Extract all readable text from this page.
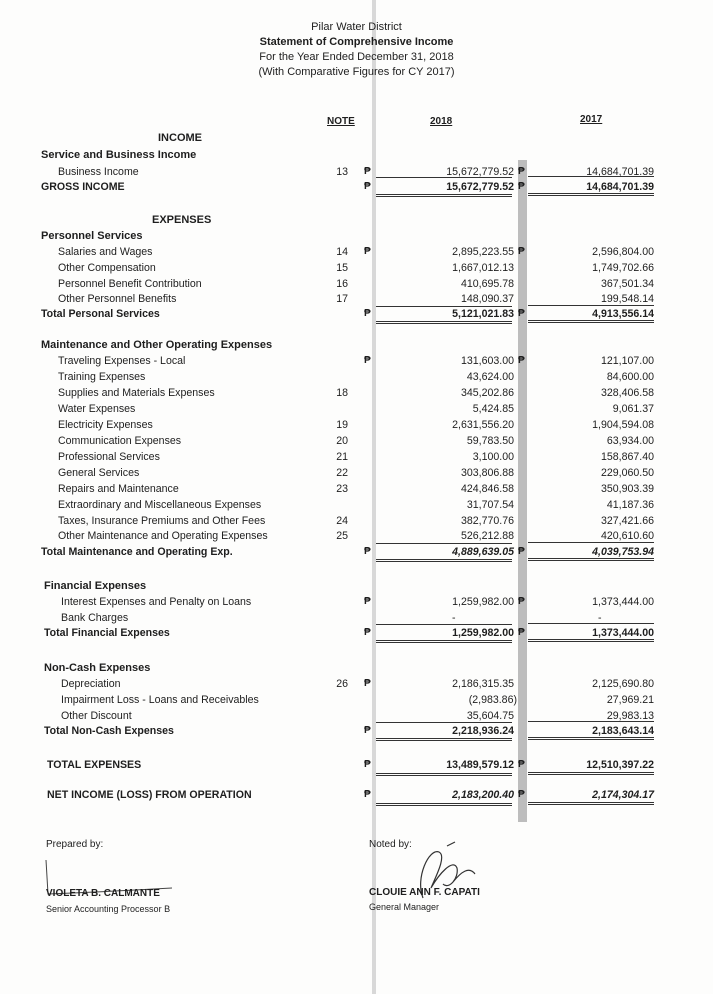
Pilar Water District
Statement of Comprehensive Income
For the Year Ended December 31, 2018
(With Comparative Figures for CY 2017)
NOTE	2018	2017
INCOME
Service and Business Income
Business Income	13 ₱	15,672,779.52 ₱	14,684,701.39
GROSS INCOME	₱	15,672,779.52 ₱	14,684,701.39
EXPENSES
Personnel Services
Salaries and Wages	14 ₱	2,895,223.55 ₱	2,596,804.00
Other Compensation	15	1,667,012.13	1,749,702.66
Personnel Benefit Contribution	16	410,695.78	367,501.34
Other Personnel Benefits	17	148,090.37	199,548.14
Total Personal Services	₱	5,121,021.83 ₱	4,913,556.14
Maintenance and Other Operating Expenses
Traveling Expenses - Local	₱	131,603.00 ₱	121,107.00
Training Expenses	43,624.00	84,600.00
Supplies and Materials Expenses	18	345,202.86	328,406.58
Water Expenses	5,424.85	9,061.37
Electricity Expenses	19	2,631,556.20	1,904,594.08
Communication Expenses	20	59,783.50	63,934.00
Professional Services	21	3,100.00	158,867.40
General Services	22	303,806.88	229,060.50
Repairs and Maintenance	23	424,846.58	350,903.39
Extraordinary and Miscellaneous Expenses	31,707.54	41,187.36
Taxes, Insurance Premiums and Other Fees	24	382,770.76	327,421.66
Other Maintenance and Operating Expenses	25	526,212.88	420,610.60
Total Maintenance and Operating Exp.	₱	4,889,639.05 ₱	4,039,753.94
Financial Expenses
Interest Expenses and Penalty on Loans	₱	1,259,982.00 ₱	1,373,444.00
Bank Charges	-	-
Total Financial Expenses	₱	1,259,982.00 ₱	1,373,444.00
Non-Cash Expenses
Depreciation	26 ₱	2,186,315.35	2,125,690.80
Impairment Loss - Loans and Receivables	(2,983.86)	27,969.21
Other Discount	35,604.75	29,983.13
Total Non-Cash Expenses	₱	2,218,936.24	2,183,643.14
TOTAL EXPENSES	₱	13,489,579.12 ₱	12,510,397.22
NET INCOME (LOSS) FROM OPERATION	₱	2,183,200.40 ₱	2,174,304.17
Prepared by:
VIOLETA B. CALMANTE
Senior Accounting Processor B
Noted by:
CLOUIE ANN F. CAPATI
General Manager
